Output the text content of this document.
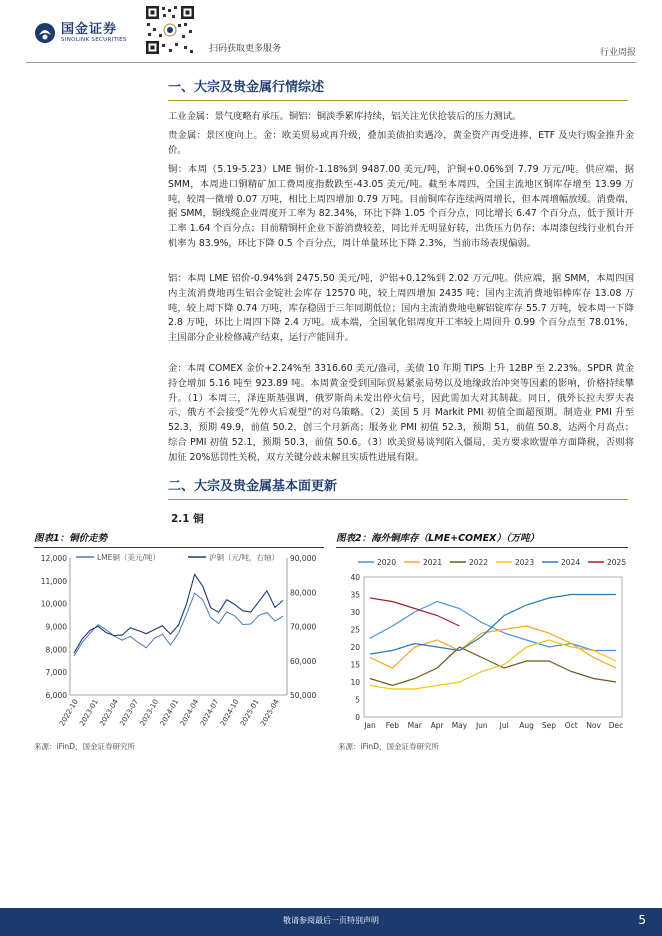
国金证券
SINOLINK SECURITIES
扫码获取更多服务	行业周报
一、大宗及贵金属行情综述
工业金属：景气度略有承压。铜铝：铜淡季累库持续，铝关注光伏抢装后的压力测试。
贵金属：景区度向上。金：欧美贸易或再升级，叠加美债拍卖遇冷，黄金资产再受进捧，ETF 及央行购金推升金价。
铜：本周（5.19-5.23）LME 铜价-1.18%到 9487.00 美元/吨，沪铜+0.06%到 7.79 万元/吨。供应端，据 SMM，本周进口铜精矿加工费周度指数跌至-43.05 美元/吨。截至本周四，全国主流地区铜库存增至 13.99 万吨，较周一微增 0.07 万吨，相比上周四增加 0.79 万吨。目前铜库存连续两周增长，但本周增幅放缓。消费端，据 SMM，铜线缆企业周度开工率为 82.34%，环比下降 1.05 个百分点，同比增长 6.47 个百分点，低于预计开工率 1.64 个百分点；目前精铜杆企业下游消费较差，同比并无明显好转，出货压力仍存；本周漆包线行业机台开机率为 83.9%，环比下降 0.5 个百分点，周计单量环比下降 2.3%，当前市场表现偏弱。
铝：本周 LME 铝价-0.94%到 2475.50 美元/吨，沪铝+0.12%到 2.02 万元/吨。供应端，据 SMM，本周四国内主流消费地再生铝合金锭社会库存 12570 吨，较上周四增加 2435 吨；国内主流消费地铝棒库存 13.08 万吨，较上周下降 0.74 万吨，库存稳固于三年同期低位；国内主流消费地电解铝锭库存 55.7 万吨，较本周一下降 2.8 万吨，环比上周四下降 2.4 万吨。成本端，全国氧化铝周度开工率较上周回升 0.99 个百分点至 78.01%，主国部分企业检修减产结束，运行产能回升。
金：本周 COMEX 金价+2.24%至 3316.60 美元/盎司，美债 10 年期 TIPS 上升 12BP 至 2.23%。SPDR 黄金持仓增加 5.16 吨至 923.89 吨。本周黄金受到国际贸易紧张局势以及地缘政治冲突等因素的影响，价格持续攀升。（1）本周三，泽连斯基强调，俄罗斯尚未发出停火信号，因此需加大对其制裁。同日，俄外长拉夫罗夫表示，俄方不会接受“先停火后观望”的对乌策略。（2）美国 5 月 Markit PMI 初值全面超预期。制造业 PMI 升至 52.3，预期 49.9，前值 50.2，创三个月新高；服务业 PMI 初值 52.3，预期 51，前值 50.8，达两个月高点；综合 PMI 初值 52.1，预期 50.3，前值 50.6。（3）欧美贸易谈判陷入僵局，美方要求欧盟单方面降税，否则将加征 20%惩罚性关税，双方关键分歧未解且实质性进展有限。
二、大宗及贵金属基本面更新
2.1 铜
图表1：铜价走势
6,000
7,000
8,000
9,000
10,000
11,000
12,000
50,000
60,000
70,000
80,000
90,000
2022-10
2023-01
2023-04
2023-07
2023-10
2024-01
2024-04
2024-07
2024-10
2025-01
2025-04
LME铜（美元/吨）	沪铜（元/吨，右轴）
来源：iFinD，国金证券研究所
图表2：海外铜库存（LME+COMEX）（万吨）
0
5
10
15
20
25
30
35
40
Jan Feb Mar Apr May Jun Jul Aug Sep Oct Nov Dec
2020	2021	2022	2023	2024	2025
来源：iFinD，国金证券研究所
敬请参阅最后一页特别声明	5
